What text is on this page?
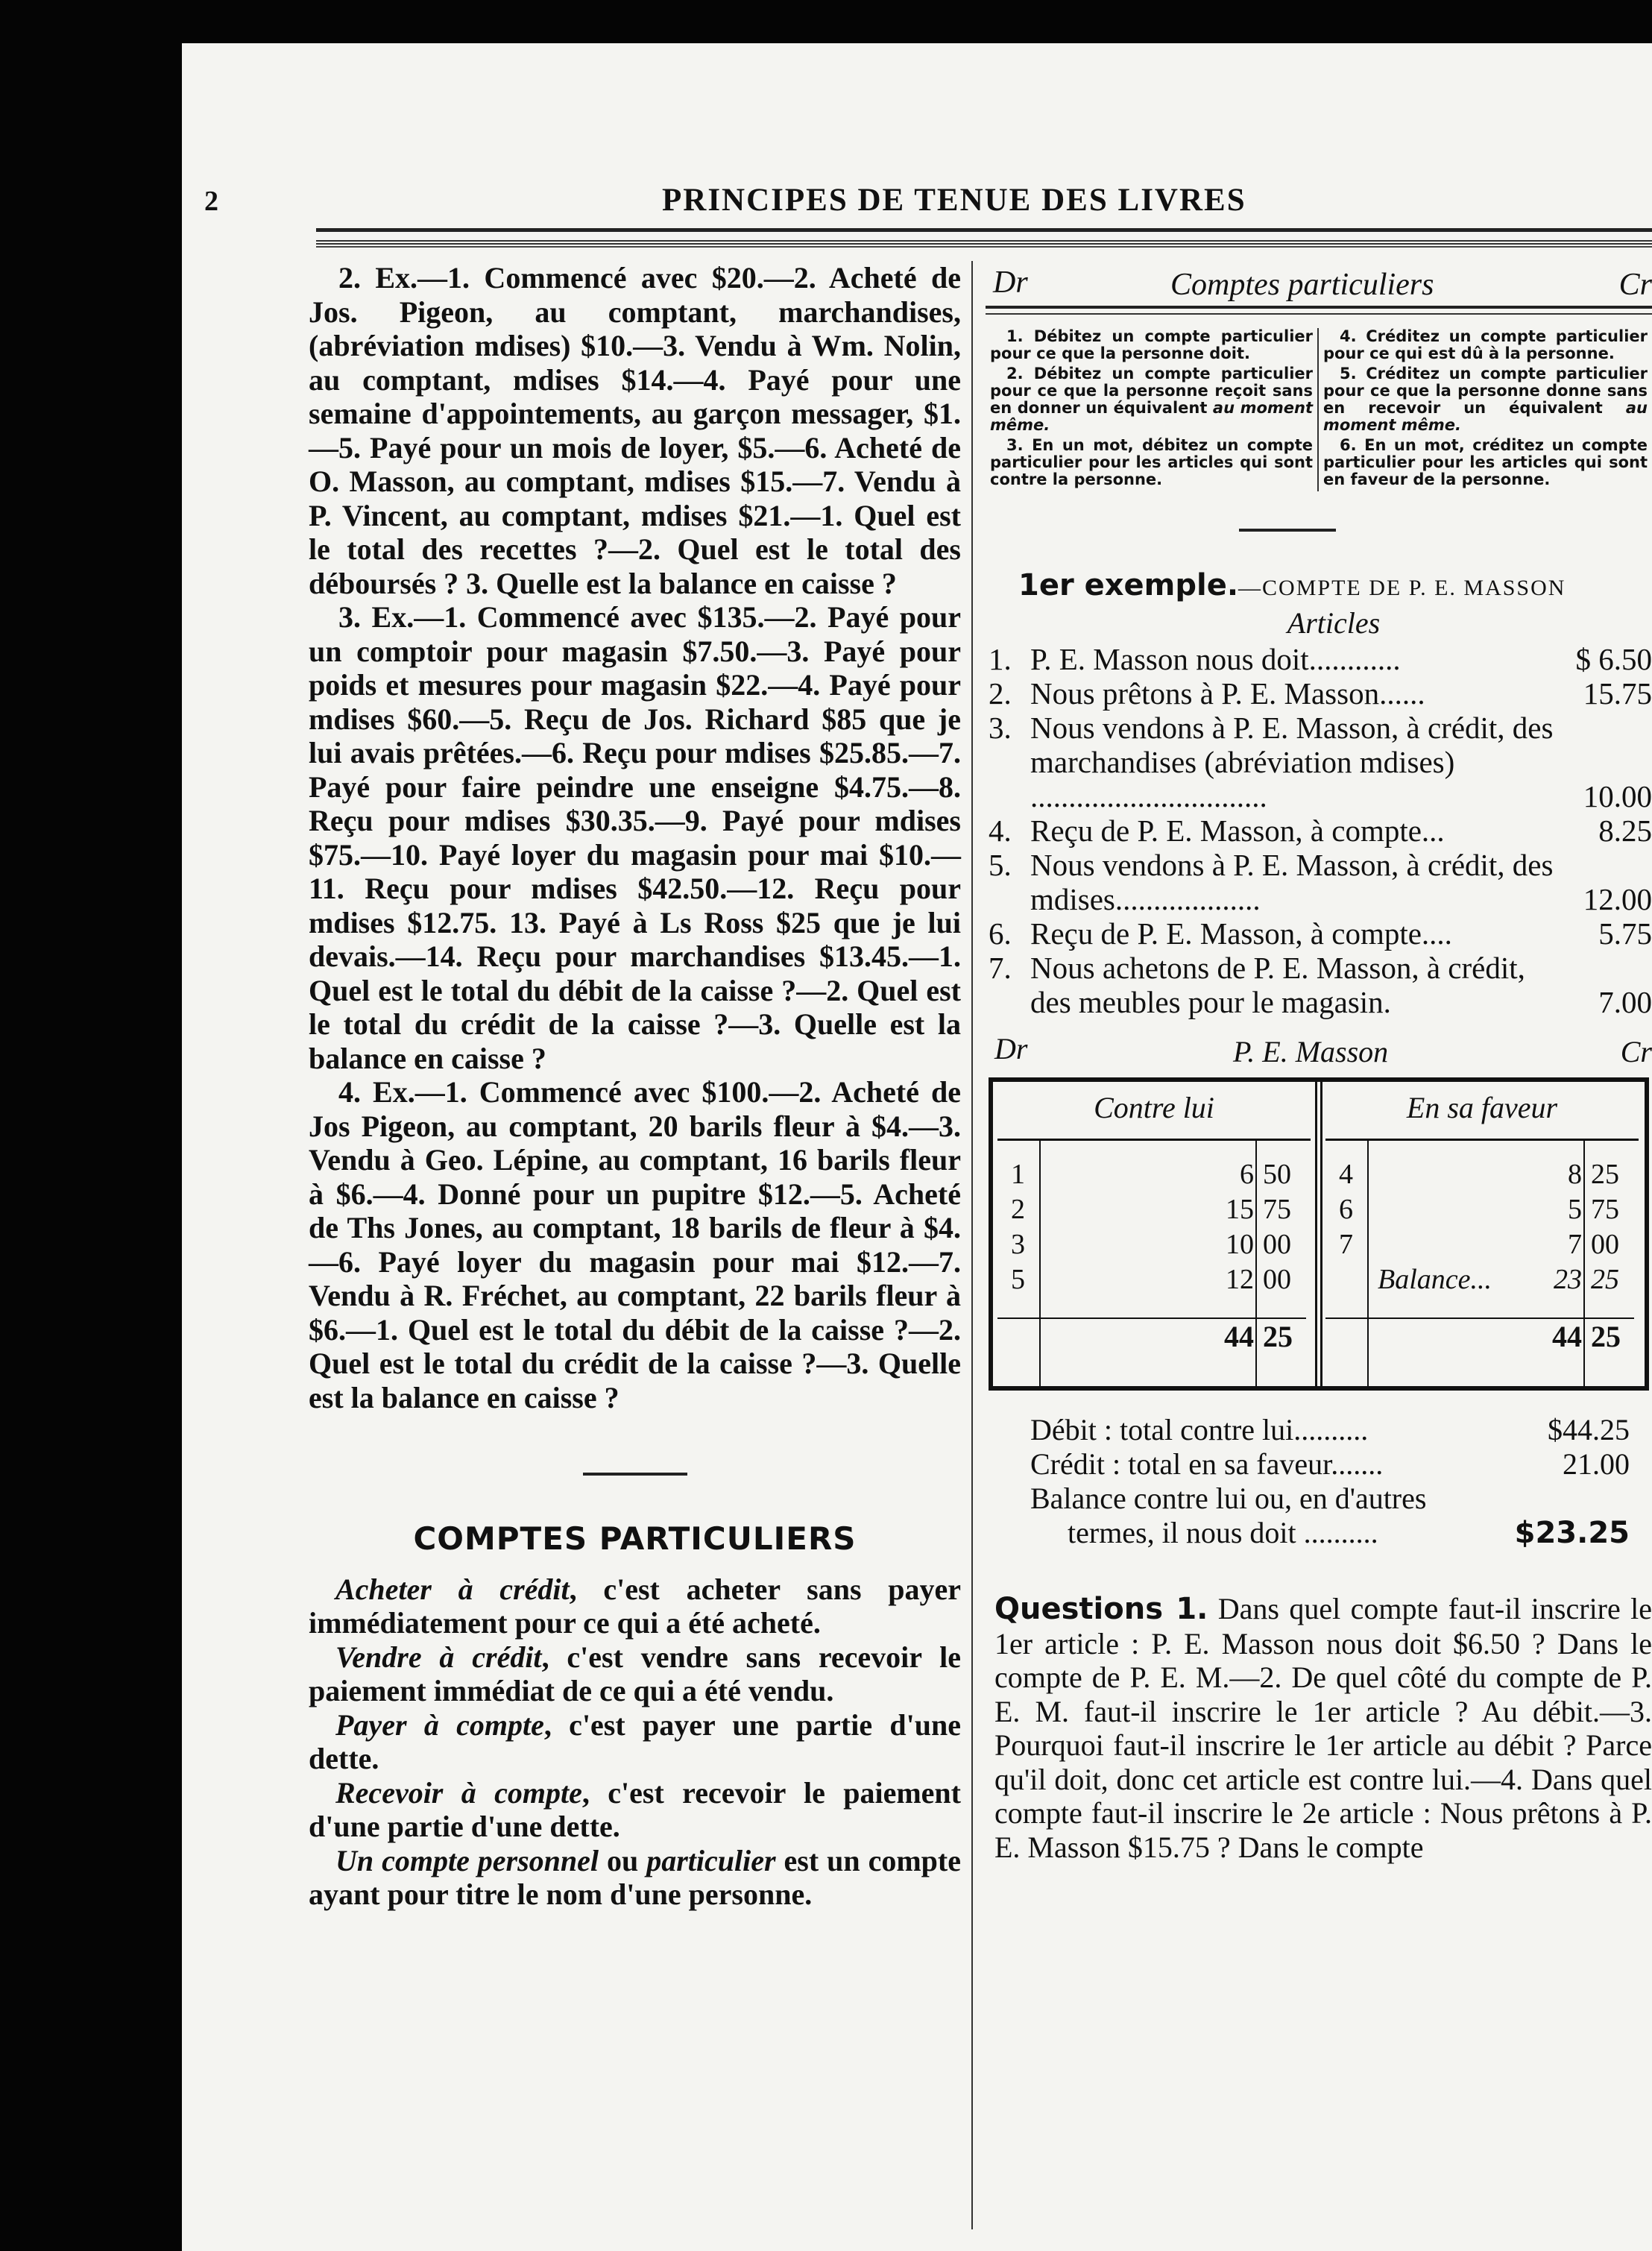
2	PRINCIPES DE TENUE DES LIVRES

2. Ex.—1. Commencé avec $20.—2. Acheté de Jos. Pigeon, au comptant, marchandises, (abréviation mdises) $10.—3. Vendu à Wm. Nolin, au comptant, mdises $14.—4. Payé pour une semaine d'appointements, au garçon messager, $1.—5. Payé pour un mois de loyer, $5.—6. Acheté de O. Masson, au comptant, mdises $15.—7. Vendu à P. Vincent, au comptant, mdises $21.—1. Quel est le total des recettes ?—2. Quel est le total des déboursés ? 3. Quelle est la balance en caisse ?

3. Ex.—1. Commencé avec $135.—2. Payé pour un comptoir pour magasin $7.50.—3. Payé pour poids et mesures pour magasin $22.—4. Payé pour mdises $60.—5. Reçu de Jos. Richard $85 que je lui avais prêtées.—6. Reçu pour mdises $25.85.—7. Payé pour faire peindre une enseigne $4.75.—8. Reçu pour mdises $30.35.—9. Payé pour mdises $75.—10. Payé loyer du magasin pour mai $10.—11. Reçu pour mdises $42.50.—12. Reçu pour mdises $12.75. 13. Payé à Ls Ross $25 que je lui devais.—14. Reçu pour marchandises $13.45.—1. Quel est le total du débit de la caisse ?—2. Quel est le total du crédit de la caisse ?—3. Quelle est la balance en caisse ?

4. Ex.—1. Commencé avec $100.—2. Acheté de Jos Pigeon, au comptant, 20 barils fleur à $4.—3. Vendu à Geo. Lépine, au comptant, 16 barils fleur à $6.—4. Donné pour un pupitre $12.—5. Acheté de Ths Jones, au comptant, 18 barils de fleur à $4.—6. Payé loyer du magasin pour mai $12.—7. Vendu à R. Fréchet, au comptant, 22 barils fleur à $6.—1. Quel est le total du débit de la caisse ?—2. Quel est le total du crédit de la caisse ?—3. Quelle est la balance en caisse ?

COMPTES PARTICULIERS

Acheter à crédit, c'est acheter sans payer immédiatement pour ce qui a été acheté.

Vendre à crédit, c'est vendre sans recevoir le paiement immédiat de ce qui a été vendu.

Payer à compte, c'est payer une partie d'une dette.

Recevoir à compte, c'est recevoir le paiement d'une partie d'une dette.

Un compte personnel ou particulier est un compte ayant pour titre le nom d'une personne.

Dr	Comptes particuliers	Cr

1. Débitez un compte particulier pour ce que la personne doit.

2. Débitez un compte particulier pour ce que la personne reçoit sans en donner un équivalent au moment même.

3. En un mot, débitez un compte particulier pour les articles qui sont contre la personne.

4. Créditez un compte particulier pour ce qui est dû à la personne.

5. Créditez un compte particulier pour ce que la personne donne sans en recevoir un équivalent au moment même.

6. En un mot, créditez un compte particulier pour les articles qui sont en faveur de la personne.

1er exemple.—COMPTE DE P. E. MASSON
Articles
1. P. E. Masson nous doit............	$ 6.50
2. Nous prêtons à P. E. Masson......	15.75
3. Nous vendons à P. E. Masson, à crédit, des marchandises (abréviation mdises) ...............................	10.00
4. Reçu de P. E. Masson, à compte...	8.25
5. Nous vendons à P. E. Masson, à crédit, des mdises...................	12.00
6. Reçu de P. E. Masson, à compte....	5.75
7. Nous achetons de P. E. Masson, à crédit, des meubles pour le magasin.	7.00
Dr	P. E. Masson	Cr
Contre lui
1	6 50
2	15 75
3	10 00
5	12 00
44 25
En sa faveur
4	8 25
6	5 75
7	7 00
Balance... 23 25
44 25
Débit : total contre lui..........	$44.25
Crédit : total en sa faveur.......	21.00
Balance contre lui ou, en d'autres
termes, il nous doit ..........	$23.25
Questions 1. Dans quel compte faut-il inscrire le 1er article : P. E. Masson nous doit $6.50 ? Dans le compte de P. E. M.—2. De quel côté du compte de P. E. M. faut-il inscrire le 1er article ? Au débit.—3. Pourquoi faut-il inscrire le 1er article au débit ? Parce qu'il doit, donc cet article est contre lui.—4. Dans quel compte faut-il inscrire le 2e article : Nous prêtons à P. E. Masson $15.75 ? Dans le compte
